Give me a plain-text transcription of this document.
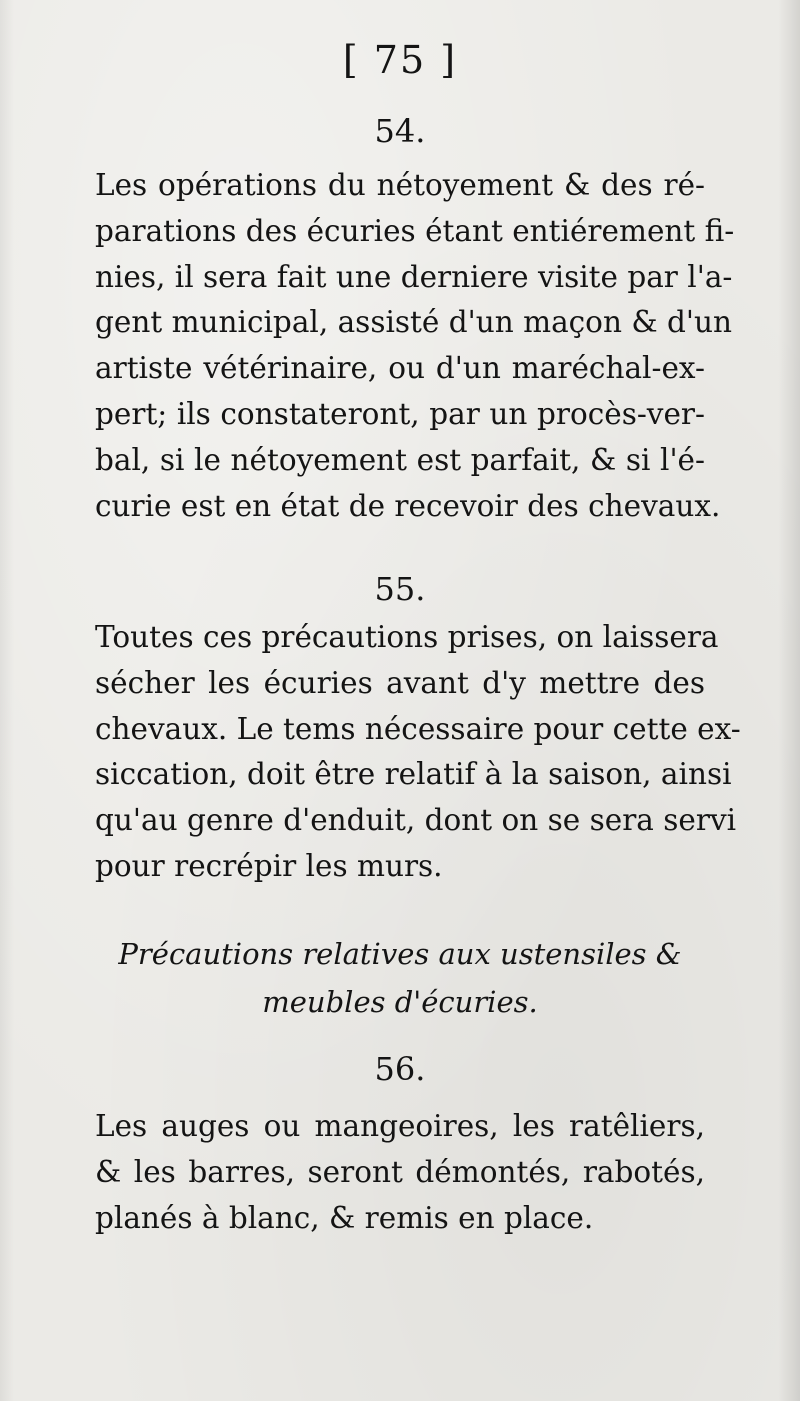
[ 75 ]
54.
Les opérations du nétoyement & des ré-
parations des écuries étant entiérement fi-
nies, il sera fait une derniere visite par l'a-
gent municipal, assisté d'un maçon & d'un
artiste vétérinaire, ou d'un maréchal-ex-
pert; ils constateront, par un procès-ver-
bal, si le nétoyement est parfait, & si l'é-
curie est en état de recevoir des chevaux.
55.
Toutes ces précautions prises, on laissera
sécher les écuries avant d'y mettre des
chevaux. Le tems nécessaire pour cette ex-
siccation, doit être relatif à la saison, ainsi
qu'au genre d'enduit, dont on se sera servi
pour recrépir les murs.
Précautions relatives aux ustensiles &
meubles d'écuries.
56.
Les auges ou mangeoires, les ratêliers,
& les barres, seront démontés, rabotés,
planés à blanc, & remis en place.
